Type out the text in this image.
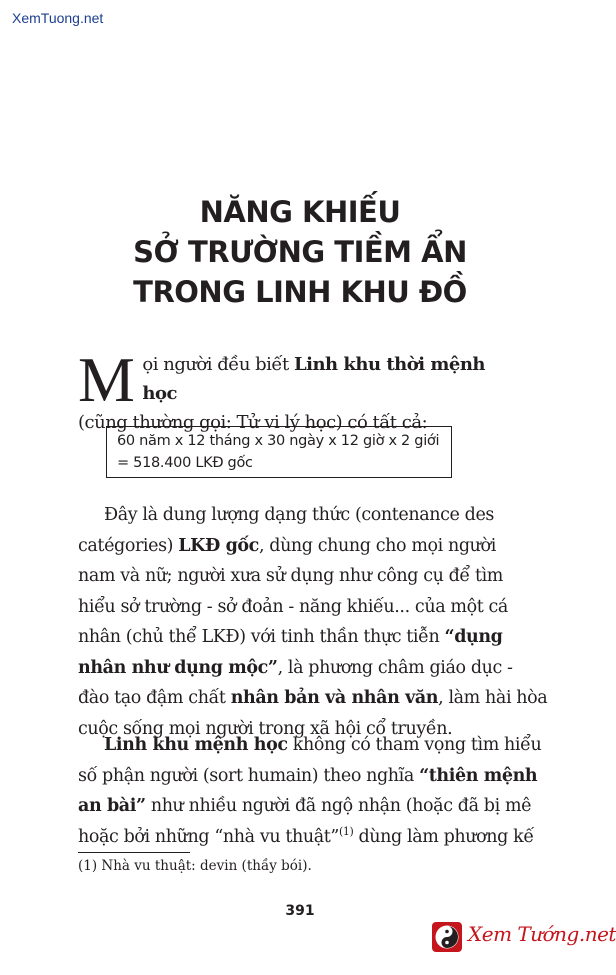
XemTuong.net
NĂNG KHIẾU
SỞ TRƯỜNG TIỀM ẨN
TRONG LINH KHU ĐỒ
M ọi người đều biết Linh khu thời mệnh học
(cũng thường gọi: Tử vi lý học) có tất cả:
60 năm x 12 tháng x 30 ngày x 12 giờ x 2 giới
= 518.400 LKĐ gốc
Đây là dung lượng dạng thức (contenance des
catégories) LKĐ gốc, dùng chung cho mọi người
nam và nữ; người xưa sử dụng như công cụ để tìm
hiểu sở trường - sở đoản - năng khiếu... của một cá
nhân (chủ thể LKĐ) với tinh thần thực tiễn “dụng
nhân như dụng mộc”, là phương châm giáo dục -
đào tạo đậm chất nhân bản và nhân văn, làm hài hòa
cuộc sống mọi người trong xã hội cổ truyền.
Linh khu mệnh học không có tham vọng tìm hiểu
số phận người (sort humain) theo nghĩa “thiên mệnh
an bài” như nhiều người đã ngộ nhận (hoặc đã bị mê
hoặc bởi những “nhà vu thuật”$^{(1)}$ dùng làm phương kế
(1) Nhà vu thuật: devin (thầy bói).
391
Xem Tướng.net
